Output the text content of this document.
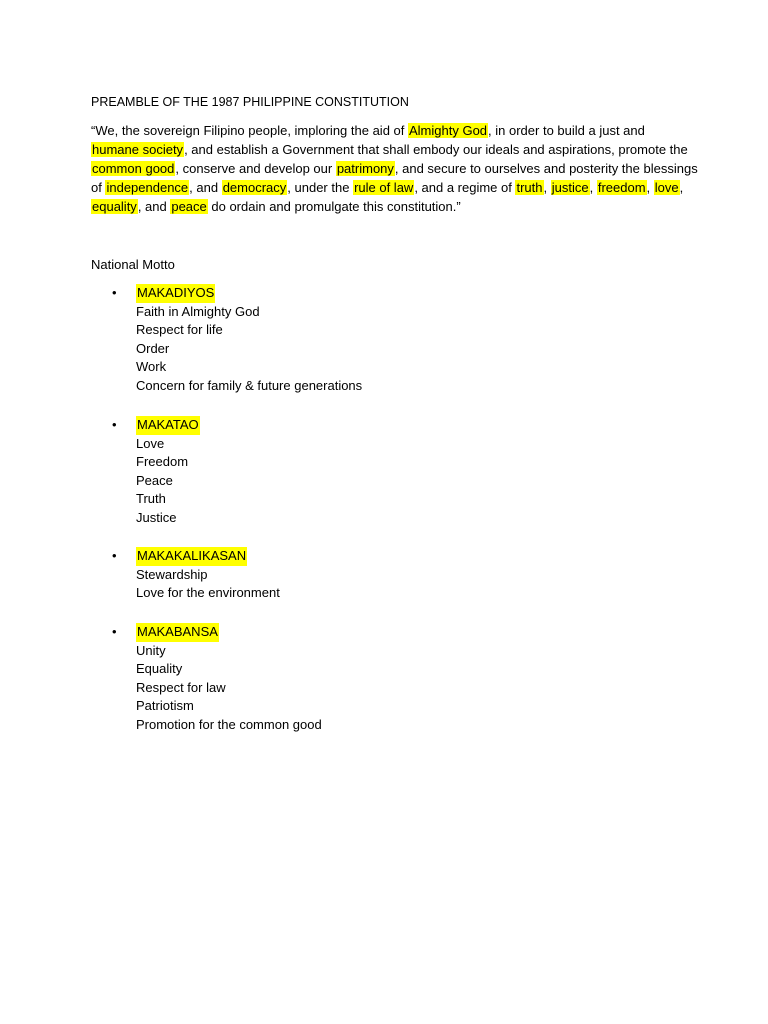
PREAMBLE OF THE 1987 PHILIPPINE CONSTITUTION
“We, the sovereign Filipino people, imploring the aid of Almighty God, in order to build a just and
humane society, and establish a Government that shall embody our ideals and aspirations, promote the
common good, conserve and develop our patrimony, and secure to ourselves and posterity the blessings
of independence, and democracy, under the rule of law, and a regime of truth, justice, freedom, love,
equality, and peace do ordain and promulgate this constitution.”
National Motto
• MAKADIYOS
Faith in Almighty God
Respect for life
Order
Work
Concern for family & future generations
• MAKATAO
Love
Freedom
Peace
Truth
Justice
• MAKAKALIKASAN
Stewardship
Love for the environment
• MAKABANSA
Unity
Equality
Respect for law
Patriotism
Promotion for the common good
